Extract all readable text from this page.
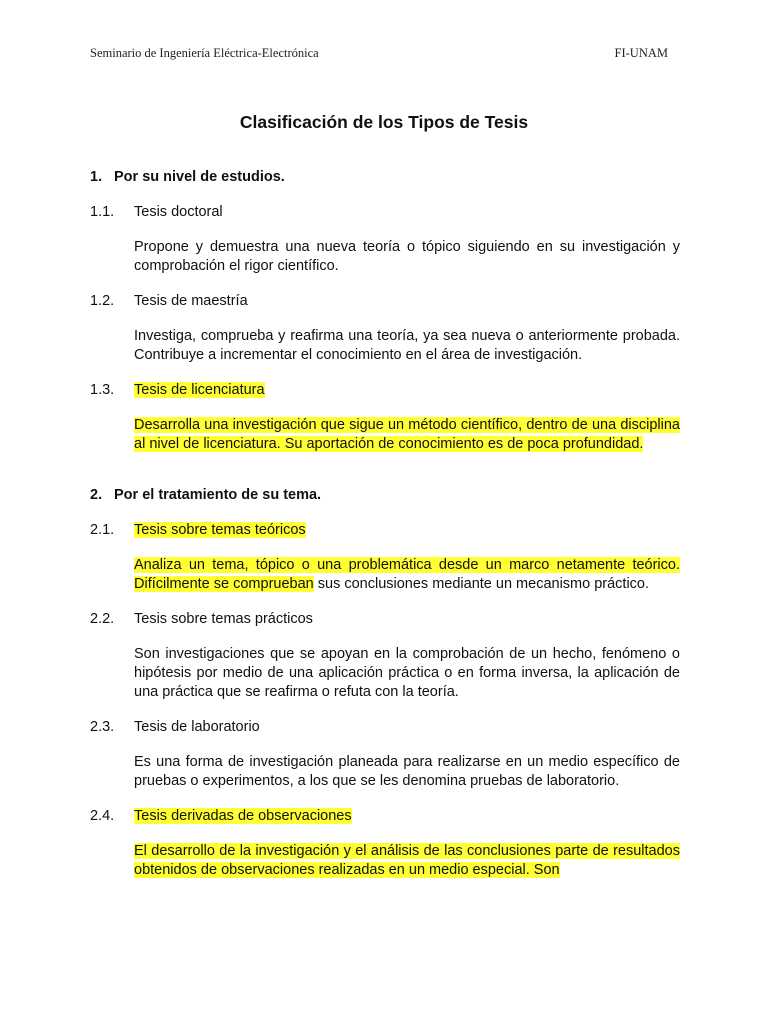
Seminario de Ingeniería Eléctrica-Electrónica	FI-UNAM
Clasificación de los Tipos de Tesis
1. Por su nivel de estudios.
1.1. Tesis doctoral
Propone y demuestra una nueva teoría o tópico siguiendo en su investigación y comprobación el rigor científico.
1.2. Tesis de maestría
Investiga, comprueba y reafirma una teoría, ya sea nueva o anteriormente probada. Contribuye a incrementar el conocimiento en el área de investigación.
1.3. Tesis de licenciatura
Desarrolla una investigación que sigue un método científico, dentro de una disciplina al nivel de licenciatura. Su aportación de conocimiento es de poca profundidad.
2. Por el tratamiento de su tema.
2.1. Tesis sobre temas teóricos
Analiza un tema, tópico o una problemática desde un marco netamente teórico. Difícilmente se comprueban sus conclusiones mediante un mecanismo práctico.
2.2. Tesis sobre temas prácticos
Son investigaciones que se apoyan en la comprobación de un hecho, fenómeno o hipótesis por medio de una aplicación práctica o en forma inversa, la aplicación de una práctica que se reafirma o refuta con la teoría.
2.3. Tesis de laboratorio
Es una forma de investigación planeada para realizarse en un medio específico de pruebas o experimentos, a los que se les denomina pruebas de laboratorio.
2.4. Tesis derivadas de observaciones
El desarrollo de la investigación y el análisis de las conclusiones parte de resultados obtenidos de observaciones realizadas en un medio especial. Son
